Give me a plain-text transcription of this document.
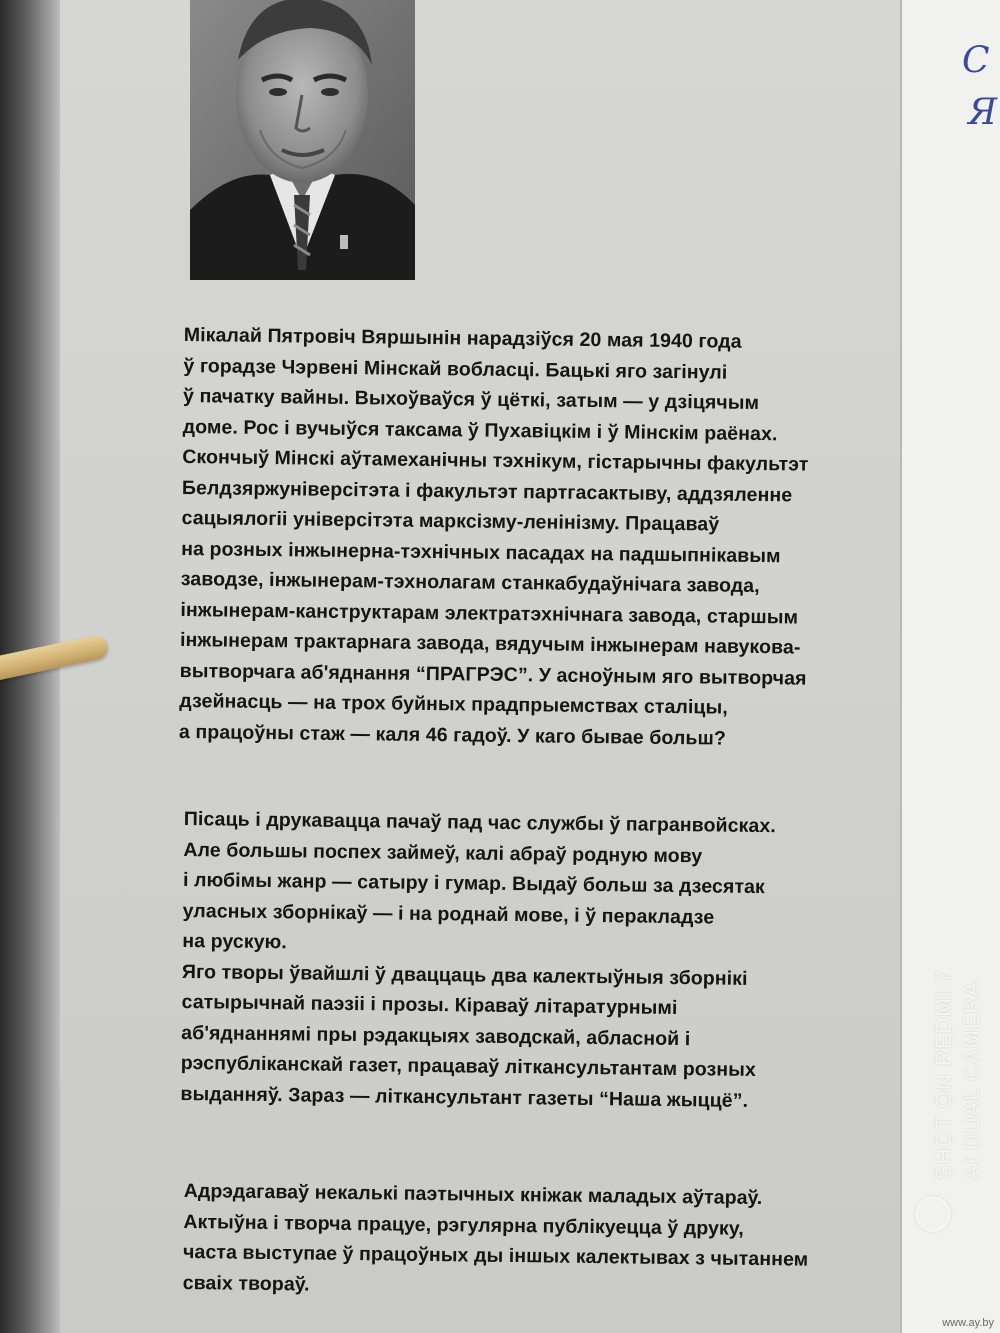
С
Я
Мікалай Пятровіч Вяршынін нарадзіўся 20 мая 1940 года
ў горадзе Чэрвені Мінскай вобласці. Бацькі яго загінулі
ў пачатку вайны. Выхоўваўся ў цёткі, затым — у дзіцячым
доме. Рос і вучыўся таксама ў Пухавіцкім і ў Мінскім раёнах.
Скончыў Мінскі аўтамеханічны тэхнікум, гістарычны факультэт
Белдзяржуніверсітэта і факультэт партгасактыву, аддзяленне
сацыялогіі універсітэта марксізму-ленінізму. Працаваў
на розных інжынерна-тэхнічных пасадах на падшыпнікавым
заводзе, інжынерам-тэхнолагам станкабудаўнічага завода,
інжынерам-канструктарам электратэхнічнага завода, старшым
інжынерам трактарнага завода, вядучым інжынерам навукова-
вытворчага аб'яднання “ПРАГРЭС”. У асноўным яго вытворчая
дзейнасць — на трох буйных прадпрыемствах сталіцы,
а працоўны стаж — каля 46 гадоў. У каго бывае больш?
Пісаць і друкавацца пачаў пад час службы ў пагранвойсках.
Але большы поспех займеў, калі абраў родную мову
і любімы жанр — сатыру і гумар. Выдаў больш за дзесятак
уласных зборнікаў — і на роднай мове, і ў перакладзе
на рускую.
Яго творы ўвайшлі ў дваццаць два калектыўныя зборнікі
сатырычнай паэзіі і прозы. Кіраваў літаратурнымі
аб'яднаннямі пры рэдакцыях заводскай, абласной і
рэспубліканскай газет, працаваў літкансультантам розных
выданняў. Зараз — літкансультант газеты “Наша жыццё”.
Адрэдагаваў некалькі паэтычных кніжак маладых аўтараў.
Актыўна і творча працуе, рэгулярна публікуецца ў друку,
часта выступае ў працоўных ды іншых калектывах з чытаннем
сваіх твораў.
SHOT ON REDMI 7 AI DUAL CAMERA
www.ay.by
